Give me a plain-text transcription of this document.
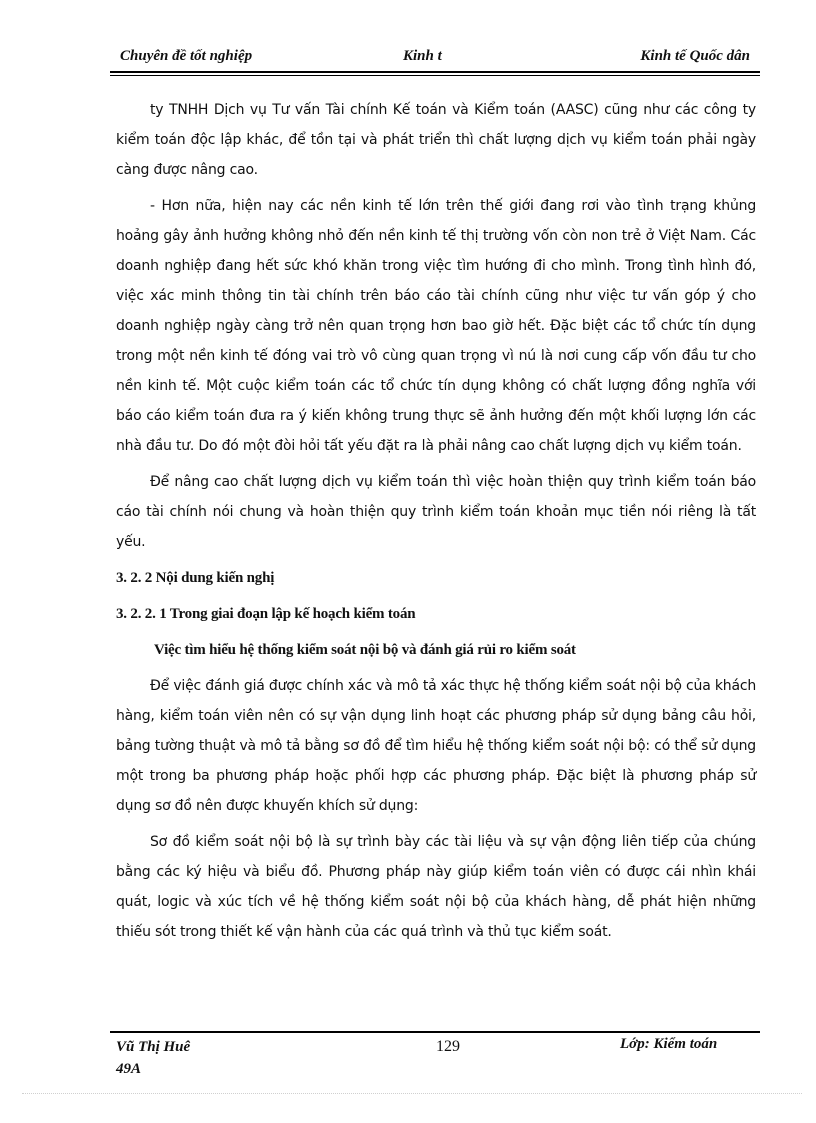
Chuyên đề tốt nghiệp	Kinh t	Kinh tế Quốc dân

ty TNHH Dịch vụ Tư vấn Tài chính Kế toán và Kiểm toán (AASC) cũng như các công ty kiểm toán độc lập khác, để tồn tại và phát triển thì chất lượng dịch vụ kiểm toán phải ngày càng được nâng cao.

- Hơn nữa, hiện nay các nền kinh tế lớn trên thế giới đang rơi vào tình trạng khủng hoảng gây ảnh hưởng không nhỏ đến nền kinh tế thị trường vốn còn non trẻ ở Việt Nam. Các doanh nghiệp đang hết sức khó khăn trong việc tìm hướng đi cho mình. Trong tình hình đó, việc xác minh thông tin tài chính trên báo cáo tài chính cũng như việc tư vấn góp ý cho doanh nghiệp ngày càng trở nên quan trọng hơn bao giờ hết. Đặc biệt các tổ chức tín dụng trong một nền kinh tế đóng vai trò vô cùng quan trọng vì nú là nơi cung cấp vốn đầu tư cho nền kinh tế. Một cuộc kiểm toán các tổ chức tín dụng không có chất lượng đồng nghĩa với báo cáo kiểm toán đưa ra ý kiến không trung thực sẽ ảnh hưởng đến một khối lượng lớn các nhà đầu tư. Do đó một đòi hỏi tất yếu đặt ra là phải nâng cao chất lượng dịch vụ kiểm toán.

Để nâng cao chất lượng dịch vụ kiểm toán thì việc hoàn thiện quy trình kiểm toán báo cáo tài chính nói chung và hoàn thiện quy trình kiểm toán khoản mục tiền nói riêng là tất yếu.

3. 2. 2 Nội dung kiến nghị
3. 2. 2. 1 Trong giai đoạn lập kế hoạch kiểm toán
Việc tìm hiểu hệ thống kiểm soát nội bộ và đánh giá rủi ro kiểm soát

Để việc đánh giá được chính xác và mô tả xác thực hệ thống kiểm soát nội bộ của khách hàng, kiểm toán viên nên có sự vận dụng linh hoạt các phương pháp sử dụng bảng câu hỏi, bảng tường thuật và mô tả bằng sơ đồ để tìm hiểu hệ thống kiểm soát nội bộ: có thể sử dụng một trong ba phương pháp hoặc phối hợp các phương pháp. Đặc biệt là phương pháp sử dụng sơ đồ nên được khuyến khích sử dụng:

Sơ đồ kiểm soát nội bộ là sự trình bày các tài liệu và sự vận động liên tiếp của chúng bằng các ký hiệu và biểu đồ. Phương pháp này giúp kiểm toán viên có được cái nhìn khái quát, logic và xúc tích về hệ thống kiểm soát nội bộ của khách hàng, dễ phát hiện những thiếu sót trong thiết kế vận hành của các quá trình và thủ tục kiểm soát.

Vũ Thị Huê
49A
129	Lớp: Kiểm toán
